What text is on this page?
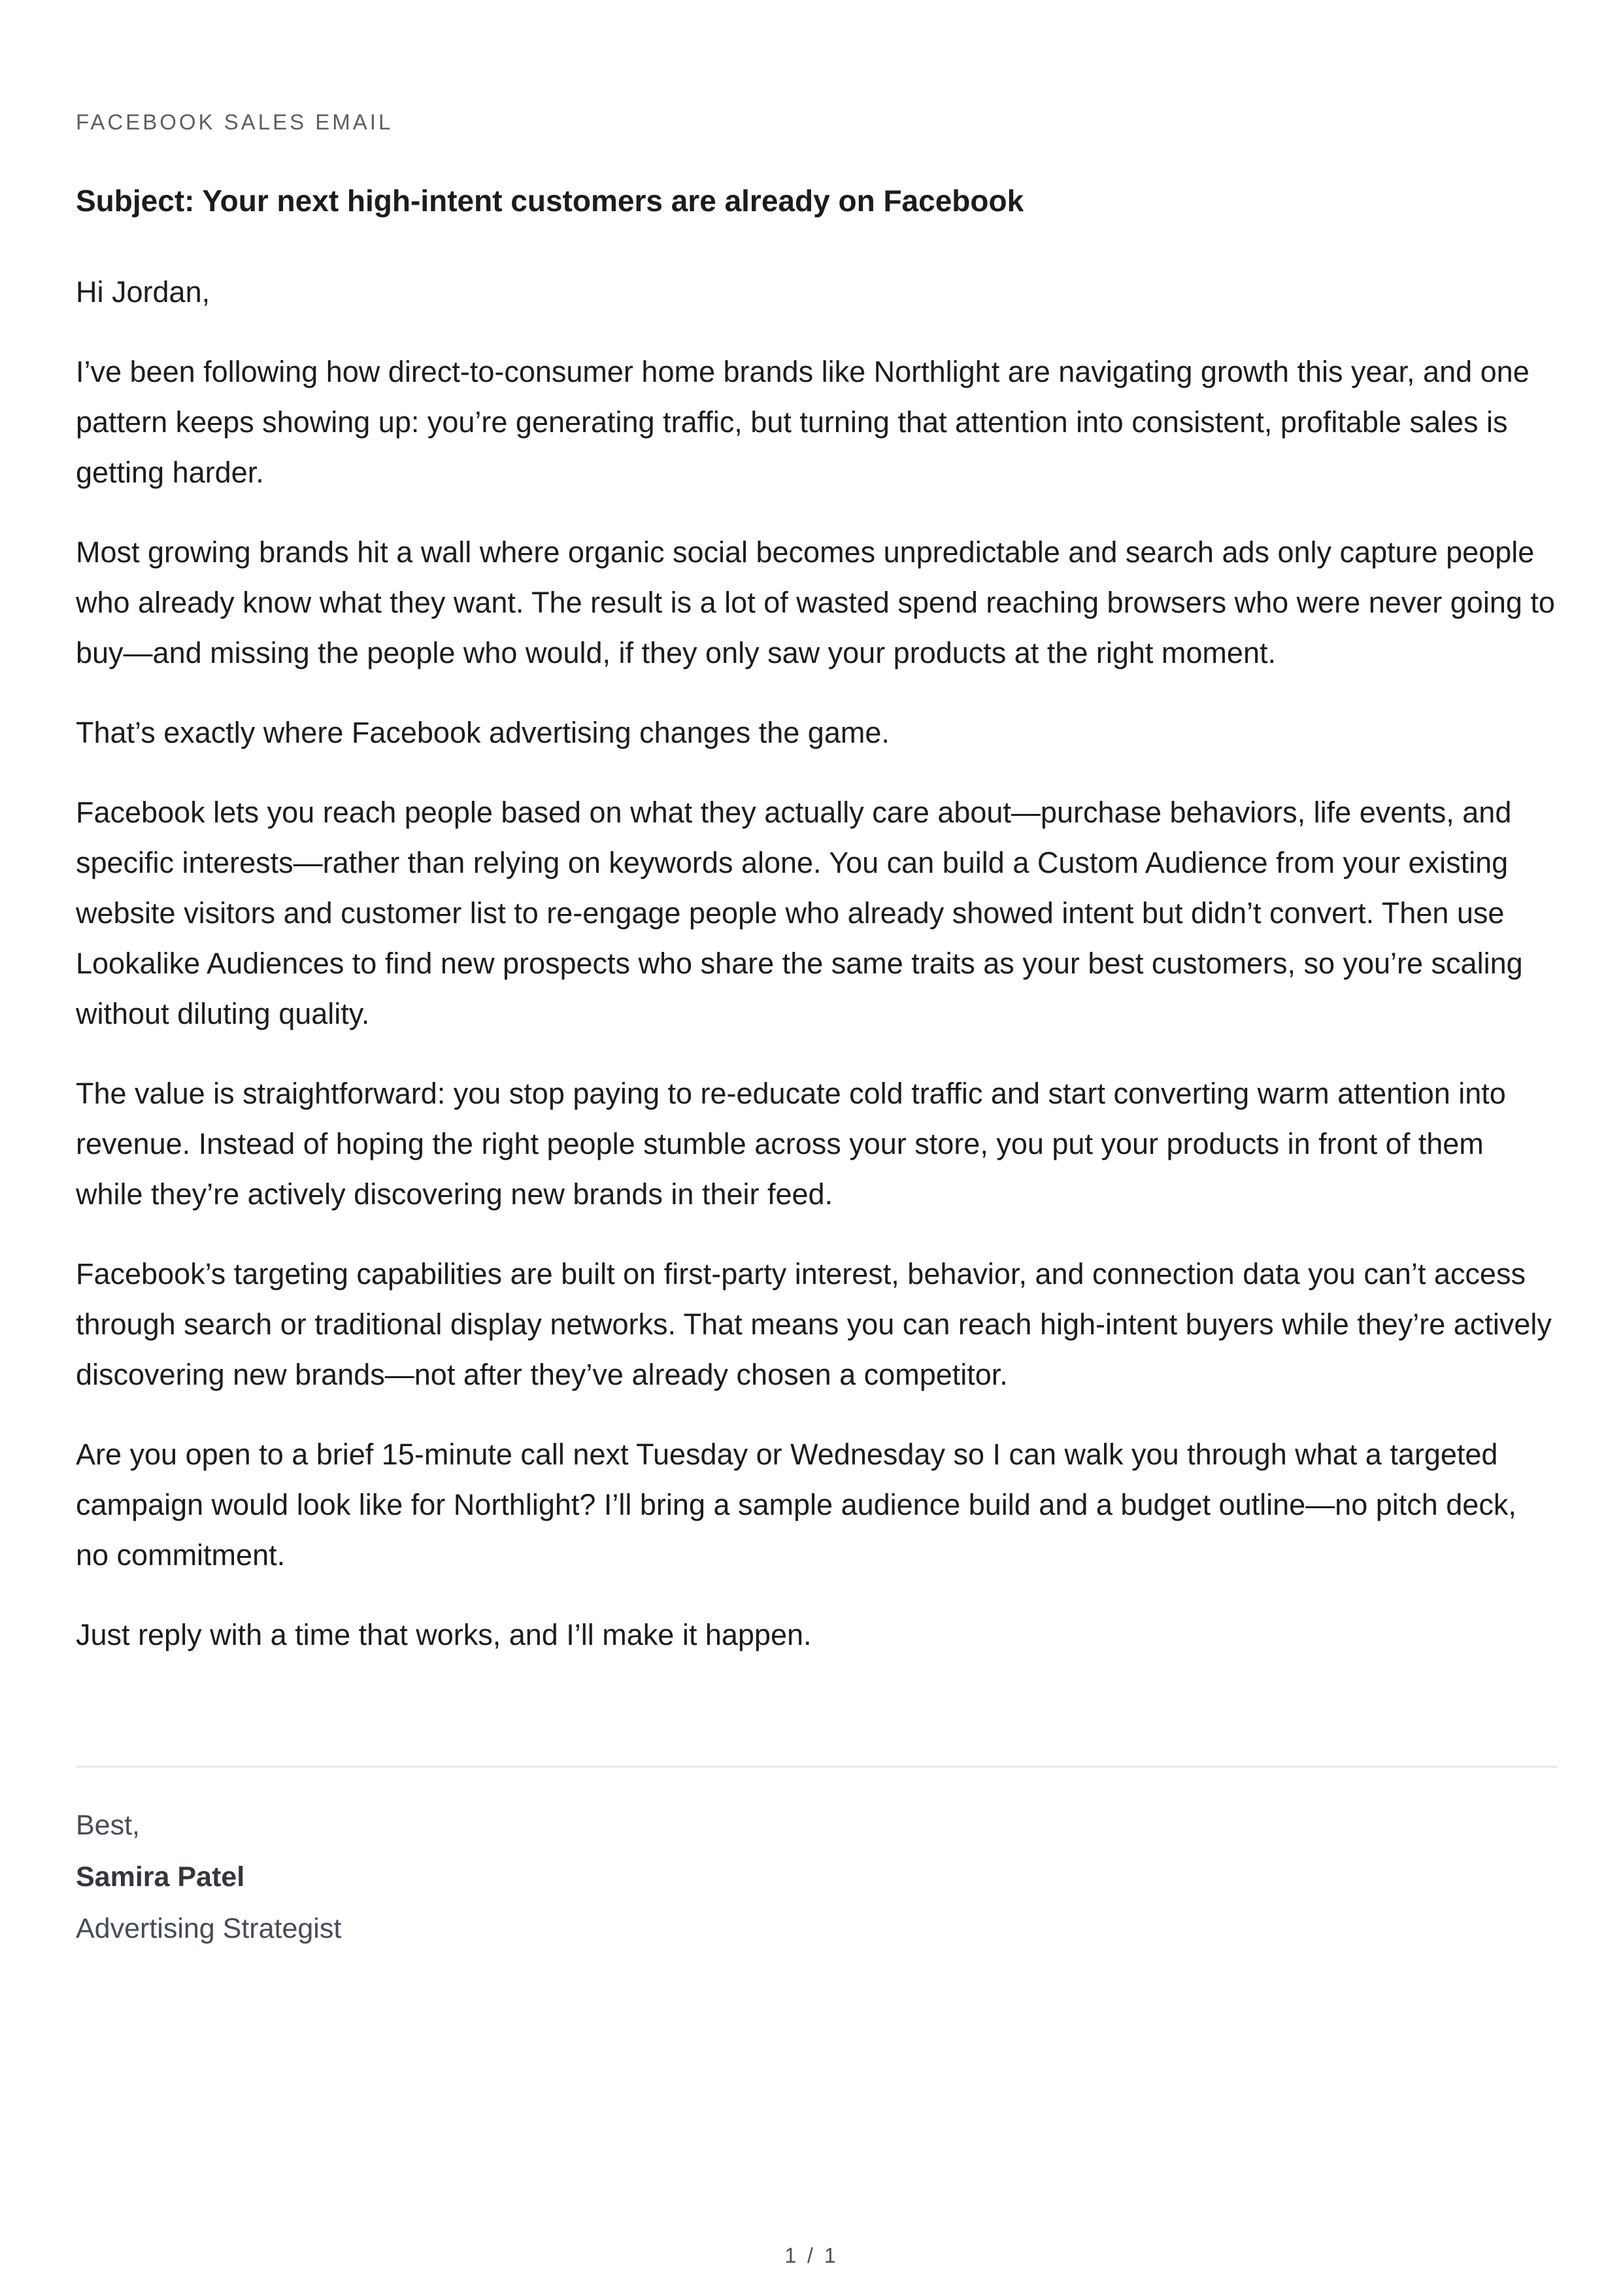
FACEBOOK SALES EMAIL
Subject: Your next high-intent customers are already on Facebook

Hi Jordan,

I’ve been following how direct-to-consumer home brands like Northlight are navigating growth this year, and one pattern keeps showing up: you’re generating traffic, but turning that attention into consistent, profitable sales is getting harder.

Most growing brands hit a wall where organic social becomes unpredictable and search ads only capture people who already know what they want. The result is a lot of wasted spend reaching browsers who were never going to buy—and missing the people who would, if they only saw your products at the right moment.

That’s exactly where Facebook advertising changes the game.

Facebook lets you reach people based on what they actually care about—purchase behaviors, life events, and specific interests—rather than relying on keywords alone. You can build a Custom Audience from your existing website visitors and customer list to re-engage people who already showed intent but didn’t convert. Then use Lookalike Audiences to find new prospects who share the same traits as your best customers, so you’re scaling without diluting quality.

The value is straightforward: you stop paying to re-educate cold traffic and start converting warm attention into revenue. Instead of hoping the right people stumble across your store, you put your products in front of them while they’re actively discovering new brands in their feed.

Facebook’s targeting capabilities are built on first-party interest, behavior, and connection data you can’t access through search or traditional display networks. That means you can reach high-intent buyers while they’re actively discovering new brands—not after they’ve already chosen a competitor.

Are you open to a brief 15-minute call next Tuesday or Wednesday so I can walk you through what a targeted campaign would look like for Northlight? I’ll bring a sample audience build and a budget outline—no pitch deck, no commitment.

Just reply with a time that works, and I’ll make it happen.

Best,
Samira Patel
Advertising Strategist
1 / 1
